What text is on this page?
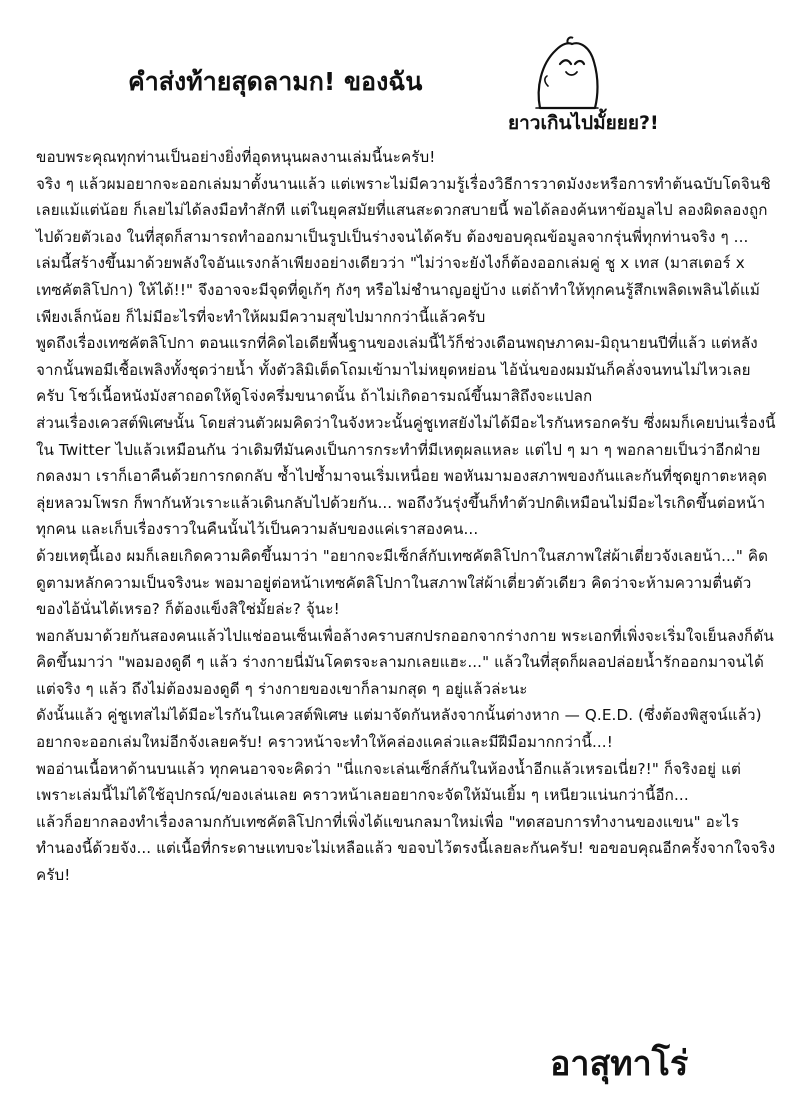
คำส่งท้ายสุดลามก! ของฉัน
ยาวเกินไปมั้ยยย?!

ขอบพระคุณทุกท่านเป็นอย่างยิ่งที่อุดหนุนผลงานเล่มนี้นะครับ!

จริง ๆ แล้วผมอยากจะออกเล่มมาตั้งนานแล้ว แต่เพราะไม่มีความรู้เรื่องวิธีการวาดมังงะหรือการทำต้นฉบับโดจินชิเลยแม้แต่น้อย ก็เลยไม่ได้ลงมือทำสักที แต่ในยุคสมัยที่แสนสะดวกสบายนี้ พอได้ลองค้นหาข้อมูลไป ลองผิดลองถูกไปด้วยตัวเอง ในที่สุดก็สามารถทำออกมาเป็นรูปเป็นร่างจนได้ครับ ต้องขอบคุณข้อมูลจากรุ่นพี่ทุกท่านจริง ๆ ... เล่มนี้สร้างขึ้นมาด้วยพลังใจอันแรงกล้าเพียงอย่างเดียวว่า "ไม่ว่าจะยังไงก็ต้องออกเล่มคู่ ชู x เทส (มาสเตอร์ x เทซคัตลิโปกา) ให้ได้!!" จึงอาจจะมีจุดที่ดูเก้ๆ กังๆ หรือไม่ชำนาญอยู่บ้าง แต่ถ้าทำให้ทุกคนรู้สึกเพลิดเพลินได้แม้เพียงเล็กน้อย ก็ไม่มีอะไรที่จะทำให้ผมมีความสุขไปมากกว่านี้แล้วครับ

พูดถึงเรื่องเทซคัตลิโปกา ตอนแรกที่คิดไอเดียพื้นฐานของเล่มนี้ไว้ก็ช่วงเดือนพฤษภาคม-มิถุนายนปีที่แล้ว แต่หลังจากนั้นพอมีเชื้อเพลิงทั้งชุดว่ายน้ำ ทั้งตัวลิมิเต็ดโถมเข้ามาไม่หยุดหย่อน ไอ้นั่นของผมมันก็คลั่งจนทนไม่ไหวเลยครับ โชว์เนื้อหนังมังสาถอดให้ดูโจ่งครึ่มขนาดนั้น ถ้าไม่เกิดอารมณ์ขึ้นมาสิถึงจะแปลก

ส่วนเรื่องเควสต์พิเศษนั้น โดยส่วนตัวผมคิดว่าในจังหวะนั้นคู่ชูเทสยังไม่ได้มีอะไรกันหรอกครับ ซึ่งผมก็เคยบ่นเรื่องนี้ใน Twitter ไปแล้วเหมือนกัน ว่าเดิมทีมันคงเป็นการกระทำที่มีเหตุผลแหละ แต่ไป ๆ มา ๆ พอกลายเป็นว่าอีกฝ่ายกดลงมา เราก็เอาคืนด้วยการกดกลับ ซ้ำไปซ้ำมาจนเริ่มเหนื่อย พอหันมามองสภาพของกันและกันที่ชุดยูกาตะหลุดลุ่ยหลวมโพรก ก็พากันหัวเราะแล้วเดินกลับไปด้วยกัน... พอถึงวันรุ่งขึ้นก็ทำตัวปกติเหมือนไม่มีอะไรเกิดขึ้นต่อหน้าทุกคน และเก็บเรื่องราวในคืนนั้นไว้เป็นความลับของแค่เราสองคน...

ด้วยเหตุนี้เอง ผมก็เลยเกิดความคิดขึ้นมาว่า "อยากจะมีเซ็กส์กับเทซคัตลิโปกาในสภาพใส่ผ้าเตี่ยวจังเลยน้า..." คิดดูตามหลักความเป็นจริงนะ พอมาอยู่ต่อหน้าเทซคัตลิโปกาในสภาพใส่ผ้าเตี่ยวตัวเดียว คิดว่าจะห้ามความตื่นตัวของไอ้นั่นได้เหรอ? ก็ต้องแข็งสิใช่มั้ยล่ะ? จุ้นะ!

พอกลับมาด้วยกันสองคนแล้วไปแช่ออนเซ็นเพื่อล้างคราบสกปรกออกจากร่างกาย พระเอกที่เพิ่งจะเริ่มใจเย็นลงก็ดันคิดขึ้นมาว่า "พอมองดูดี ๆ แล้ว ร่างกายนี่มันโคตรจะลามกเลยแฮะ..." แล้วในที่สุดก็ผลอปล่อยน้ำรักออกมาจนได้ แต่จริง ๆ แล้ว ถึงไม่ต้องมองดูดี ๆ ร่างกายของเขาก็ลามกสุด ๆ อยู่แล้วล่ะนะ

ดังนั้นแล้ว คู่ชูเทสไม่ได้มีอะไรกันในเควสต์พิเศษ แต่มาจัดกันหลังจากนั้นต่างหาก — Q.E.D. (ซึ่งต้องพิสูจน์แล้ว)

อยากจะออกเล่มใหม่อีกจังเลยครับ! คราวหน้าจะทำให้คล่องแคล่วและมีฝีมือมากกว่านี้...!

พออ่านเนื้อหาด้านบนแล้ว ทุกคนอาจจะคิดว่า "นี่แกจะเล่นเซ็กส์กันในห้องน้ำอีกแล้วเหรอเนี่ย?!" ก็จริงอยู่ แต่เพราะเล่มนี้ไม่ได้ใช้อุปกรณ์/ของเล่นเลย คราวหน้าเลยอยากจะจัดให้มันเยิ้ม ๆ เหนียวแน่นกว่านี้อีก...

แล้วก็อยากลองทำเรื่องลามกกับเทซคัตลิโปกาที่เพิ่งได้แขนกลมาใหม่เพื่อ "ทดสอบการทำงานของแขน" อะไรทำนองนี้ด้วยจัง... แต่เนื้อที่กระดาษแทบจะไม่เหลือแล้ว ขอจบไว้ตรงนี้เลยละกันครับ! ขอขอบคุณอีกครั้งจากใจจริงครับ!

อาสุทาโร่
